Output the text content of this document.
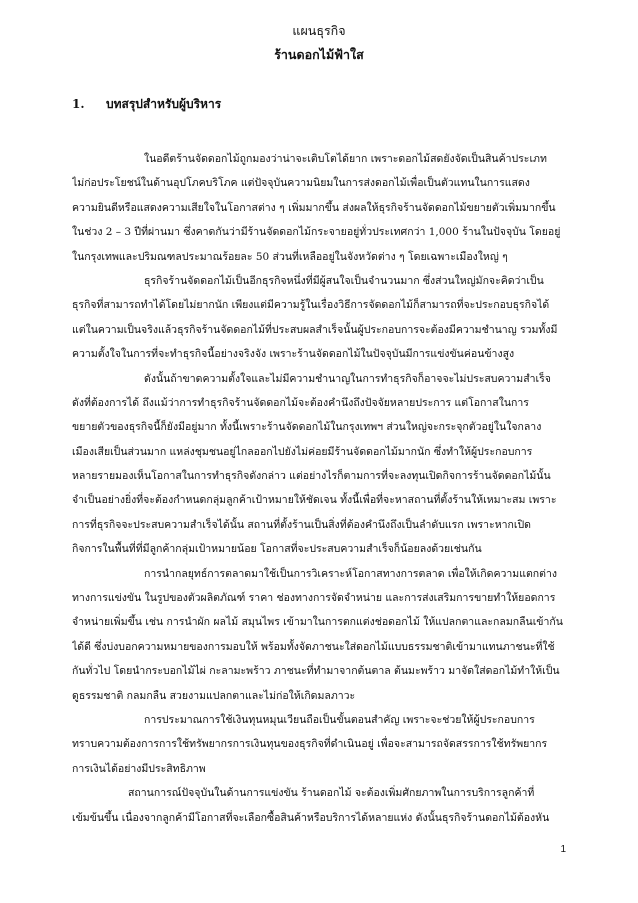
แผนธุรกิจ
ร้านดอกไม้ฟ้าใส
1. บทสรุปสำหรับผู้บริหาร
ในอดีตร้านจัดดอกไม้ถูกมองว่าน่าจะเติบโตได้ยาก เพราะดอกไม้สดยังจัดเป็นสินค้าประเภท
ไม่ก่อประโยชน์ในด้านอุปโภคบริโภค แต่ปัจจุบันความนิยมในการส่งดอกไม้เพื่อเป็นตัวแทนในการแสดง
ความยินดีหรือแสดงความเสียใจในโอกาสต่าง ๆ เพิ่มมากขึ้น ส่งผลให้ธุรกิจร้านจัดดอกไม้ขยายตัวเพิ่มมากขึ้น
ในช่วง 2 – 3 ปีที่ผ่านมา ซึ่งคาดกันว่ามีร้านจัดดอกไม้กระจายอยู่ทั่วประเทศกว่า 1,000 ร้านในปัจจุบัน โดยอยู่
ในกรุงเทพและปริมณฑลประมาณร้อยละ 50 ส่วนที่เหลืออยู่ในจังหวัดต่าง ๆ โดยเฉพาะเมืองใหญ่ ๆ
ธุรกิจร้านจัดดอกไม้เป็นอีกธุรกิจหนึ่งที่มีผู้สนใจเป็นจำนวนมาก ซึ่งส่วนใหญ่มักจะคิดว่าเป็น
ธุรกิจที่สามารถทำได้โดยไม่ยากนัก เพียงแต่มีความรู้ในเรื่องวิธีการจัดดอกไม้ก็สามารถที่จะประกอบธุรกิจได้
แต่ในความเป็นจริงแล้วธุรกิจร้านจัดดอกไม้ที่ประสบผลสำเร็จนั้นผู้ประกอบการจะต้องมีความชำนาญ รวมทั้งมี
ความตั้งใจในการที่จะทำธุรกิจนี้อย่างจริงจัง เพราะร้านจัดดอกไม้ในปัจจุบันมีการแข่งขันค่อนข้างสูง
ดังนั้นถ้าขาดความตั้งใจและไม่มีความชำนาญในการทำธุรกิจก็อาจจะไม่ประสบความสำเร็จ
ดังที่ต้องการได้ ถึงแม้ว่าการทำธุรกิจร้านจัดดอกไม้จะต้องคำนึงถึงปัจจัยหลายประการ แต่โอกาสในการ
ขยายตัวของธุรกิจนี้ก็ยังมีอยู่มาก ทั้งนี้เพราะร้านจัดดอกไม้ในกรุงเทพฯ ส่วนใหญ่จะกระจุกตัวอยู่ในใจกลาง
เมืองเสียเป็นส่วนมาก แหล่งชุมชนอยู่ไกลออกไปยังไม่ค่อยมีร้านจัดดอกไม้มากนัก ซึ่งทำให้ผู้ประกอบการ
หลายรายมองเห็นโอกาสในการทำธุรกิจดังกล่าว แต่อย่างไรก็ตามการที่จะลงทุนเปิดกิจการร้านจัดดอกไม้นั้น
จำเป็นอย่างยิ่งที่จะต้องกำหนดกลุ่มลูกค้าเป้าหมายให้ชัดเจน ทั้งนี้เพื่อที่จะหาสถานที่ตั้งร้านให้เหมาะสม เพราะ
การที่ธุรกิจจะประสบความสำเร็จได้นั้น สถานที่ตั้งร้านเป็นสิ่งที่ต้องคำนึงถึงเป็นลำดับแรก เพราะหากเปิด
กิจการในพื้นที่ที่มีลูกค้ากลุ่มเป้าหมายน้อย โอกาสที่จะประสบความสำเร็จก็น้อยลงด้วยเช่นกัน
การนำกลยุทธ์การตลาดมาใช้เป็นการวิเคราะห์โอกาสทางการตลาด เพื่อให้เกิดความแตกต่าง
ทางการแข่งขัน ในรูปของตัวผลิตภัณฑ์ ราคา ช่องทางการจัดจำหน่าย และการส่งเสริมการขายทำให้ยอดการ
จำหน่ายเพิ่มขึ้น เช่น การนำผัก ผลไม้ สมุนไพร เข้ามาในการตกแต่งช่อดอกไม้ ให้แปลกตาและกลมกลืนเข้ากัน
ได้ดี ซึ่งบ่งบอกความหมายของการมอบให้ พร้อมทั้งจัดภาชนะใส่ดอกไม้แบบธรรมชาติเข้ามาแทนภาชนะที่ใช้
กันทั่วไป โดยนำกระบอกไม้ไผ่ กะลามะพร้าว ภาชนะที่ทำมาจากต้นตาล ต้นมะพร้าว มาจัดใส่ดอกไม้ทำให้เป็น
ดูธรรมชาติ กลมกลืน สวยงามแปลกตาและไม่ก่อให้เกิดมลภาวะ
การประมาณการใช้เงินทุนหมุนเวียนถือเป็นขั้นตอนสำคัญ เพราะจะช่วยให้ผู้ประกอบการ
ทราบความต้องการการใช้ทรัพยากรการเงินทุนของธุรกิจที่ดำเนินอยู่ เพื่อจะสามารถจัดสรรการใช้ทรัพยากร
การเงินได้อย่างมีประสิทธิภาพ
สถานการณ์ปัจจุบันในด้านการแข่งขัน ร้านดอกไม้ จะต้องเพิ่มศักยภาพในการบริการลูกค้าที่
เข้มข้นขึ้น เนื่องจากลูกค้ามีโอกาสที่จะเลือกซื้อสินค้าหรือบริการได้หลายแห่ง ดังนั้นธุรกิจร้านดอกไม้ต้องหัน
1
